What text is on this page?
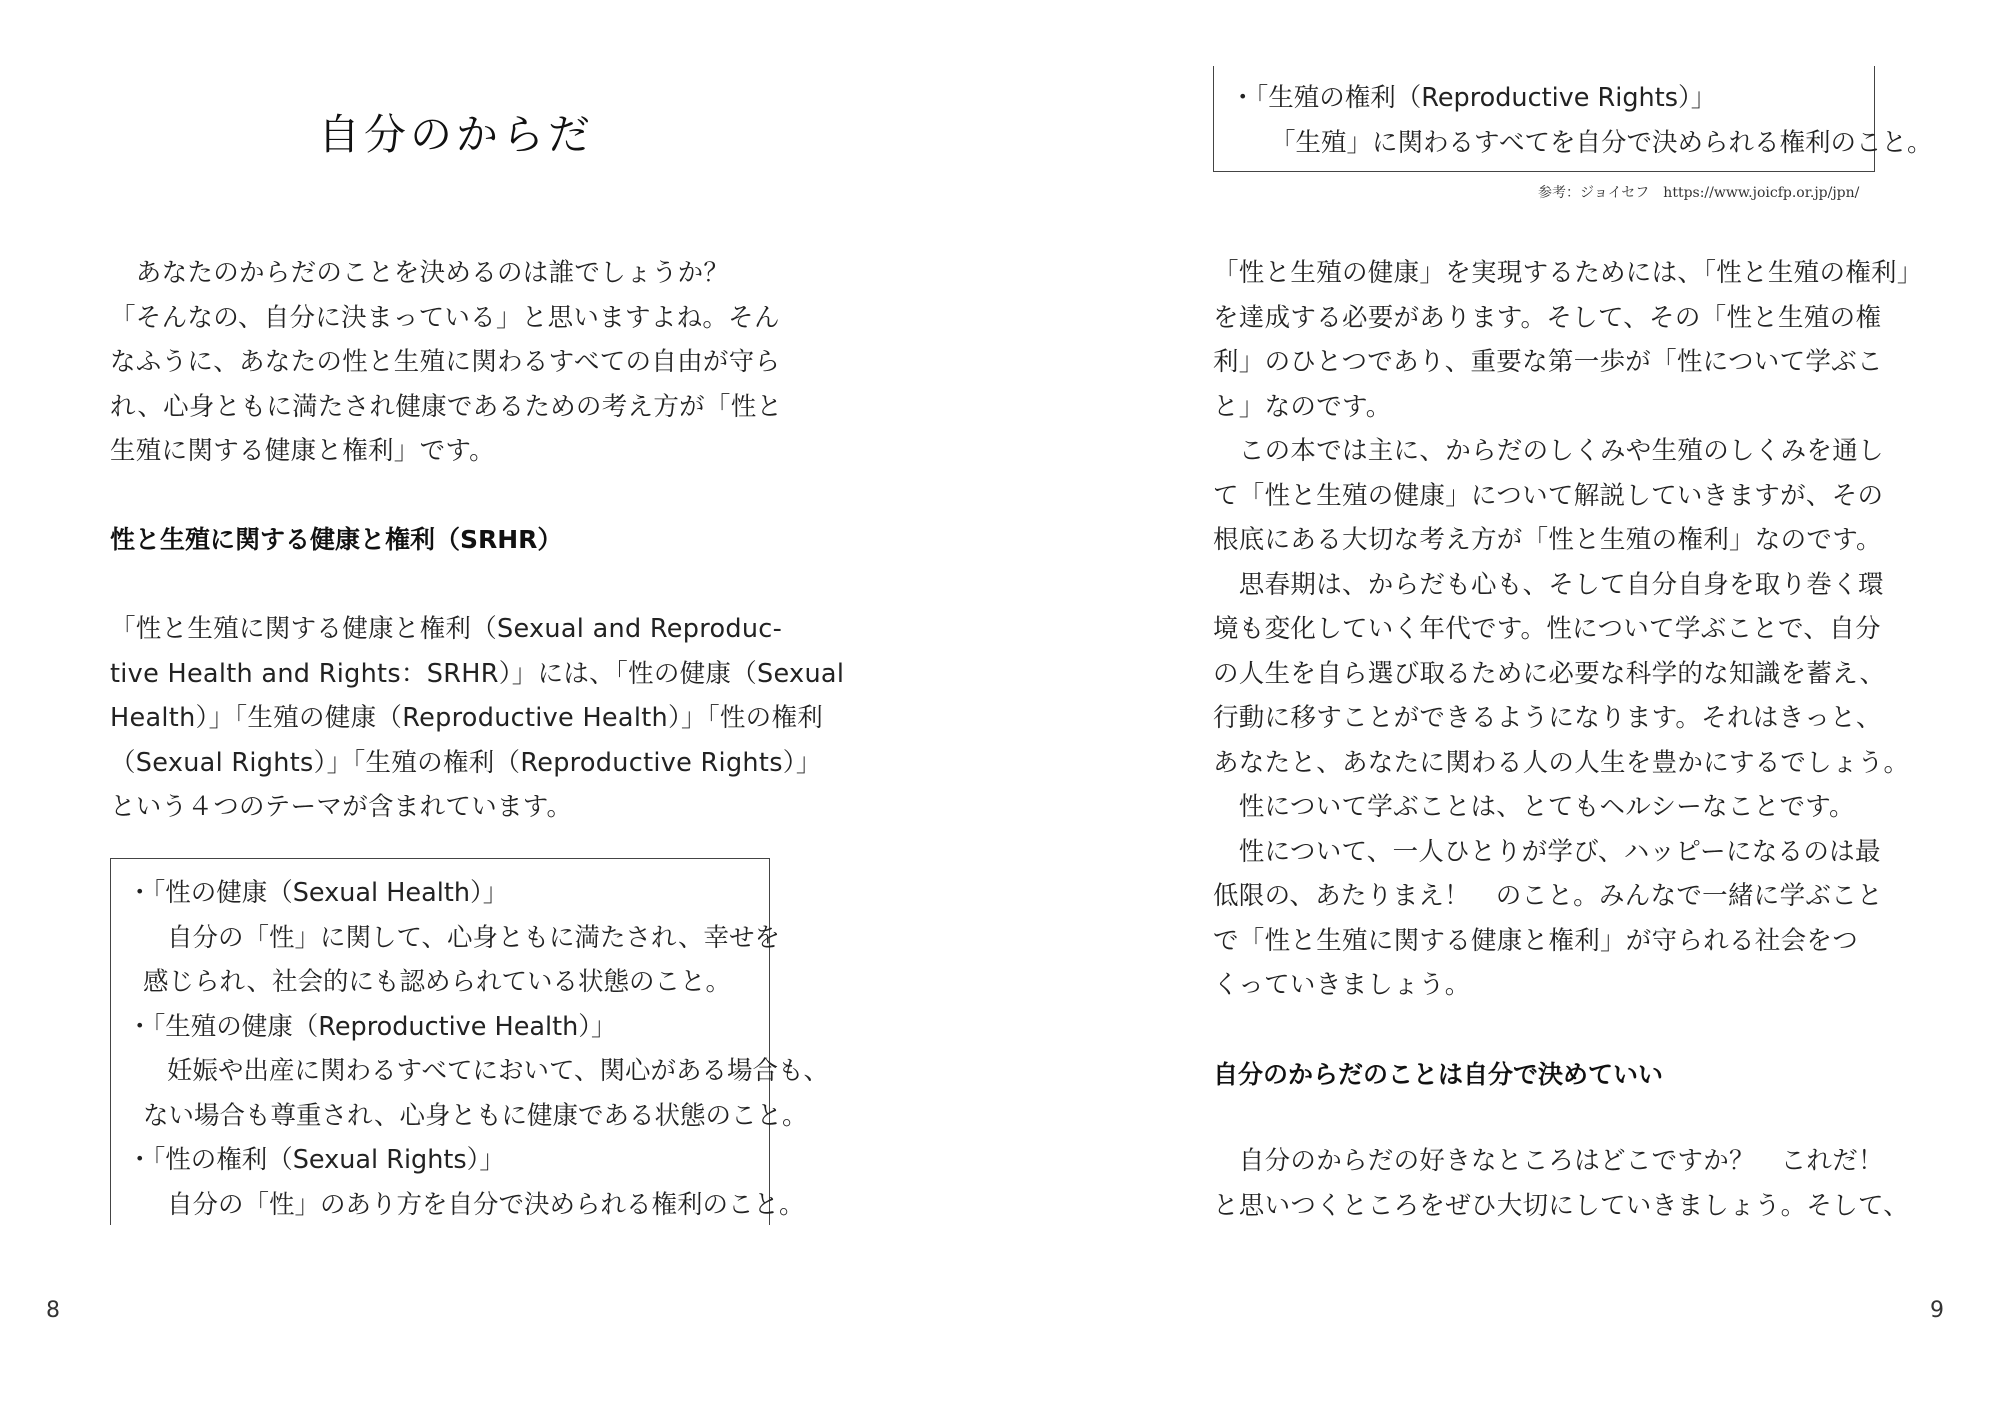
自分のからだ

　あなたのからだのことを決めるのは誰でしょうか？

「そんなの、自分に決まっている」と思いますよね。そん

なふうに、あなたの性と生殖に関わるすべての自由が守ら

れ、心身ともに満たされ健康であるための考え方が「性と

生殖に関する健康と権利」です。

性と生殖に関する健康と権利（SRHR）

「性と生殖に関する健康と権利（Sexual and Reproduc-

tive Health and Rights：SRHR）」には、「性の健康（Sexual

Health）」「生殖の健康（Reproductive Health）」「性の権利

（Sexual Rights）」「生殖の権利（Reproductive Rights）」

という４つのテーマが含まれています。

・「性の健康（Sexual Health）」

自分の「性」に関して、心身ともに満たされ、幸せを

感じられ、社会的にも認められている状態のこと。

・「生殖の健康（Reproductive Health）」

妊娠や出産に関わるすべてにおいて、関心がある場合も、

ない場合も尊重され、心身ともに健康である状態のこと。

・「性の権利（Sexual Rights）」

自分の「性」のあり方を自分で決められる権利のこと。

8

・「生殖の権利（Reproductive Rights）」

「生殖」に関わるすべてを自分で決められる権利のこと。

参考：ジョイセフ　https://www.joicfp.or.jp/jpn/

「性と生殖の健康」を実現するためには、「性と生殖の権利」

を達成する必要があります。そして、その「性と生殖の権

利」のひとつであり、重要な第一歩が「性について学ぶこ

と」なのです。

　この本では主に、からだのしくみや生殖のしくみを通し

て「性と生殖の健康」について解説していきますが、その

根底にある大切な考え方が「性と生殖の権利」なのです。

　思春期は、からだも心も、そして自分自身を取り巻く環

境も変化していく年代です。性について学ぶことで、自分

の人生を自ら選び取るために必要な科学的な知識を蓄え、

行動に移すことができるようになります。それはきっと、

あなたと、あなたに関わる人の人生を豊かにするでしょう。

　性について学ぶことは、とてもヘルシーなことです。

　性について、一人ひとりが学び、ハッピーになるのは最

低限の、あたりまえ！　のこと。みんなで一緒に学ぶこと

で「性と生殖に関する健康と権利」が守られる社会をつ

くっていきましょう。

自分のからだのことは自分で決めていい

　自分のからだの好きなところはどこですか？　これだ！

と思いつくところをぜひ大切にしていきましょう。そして、

9
